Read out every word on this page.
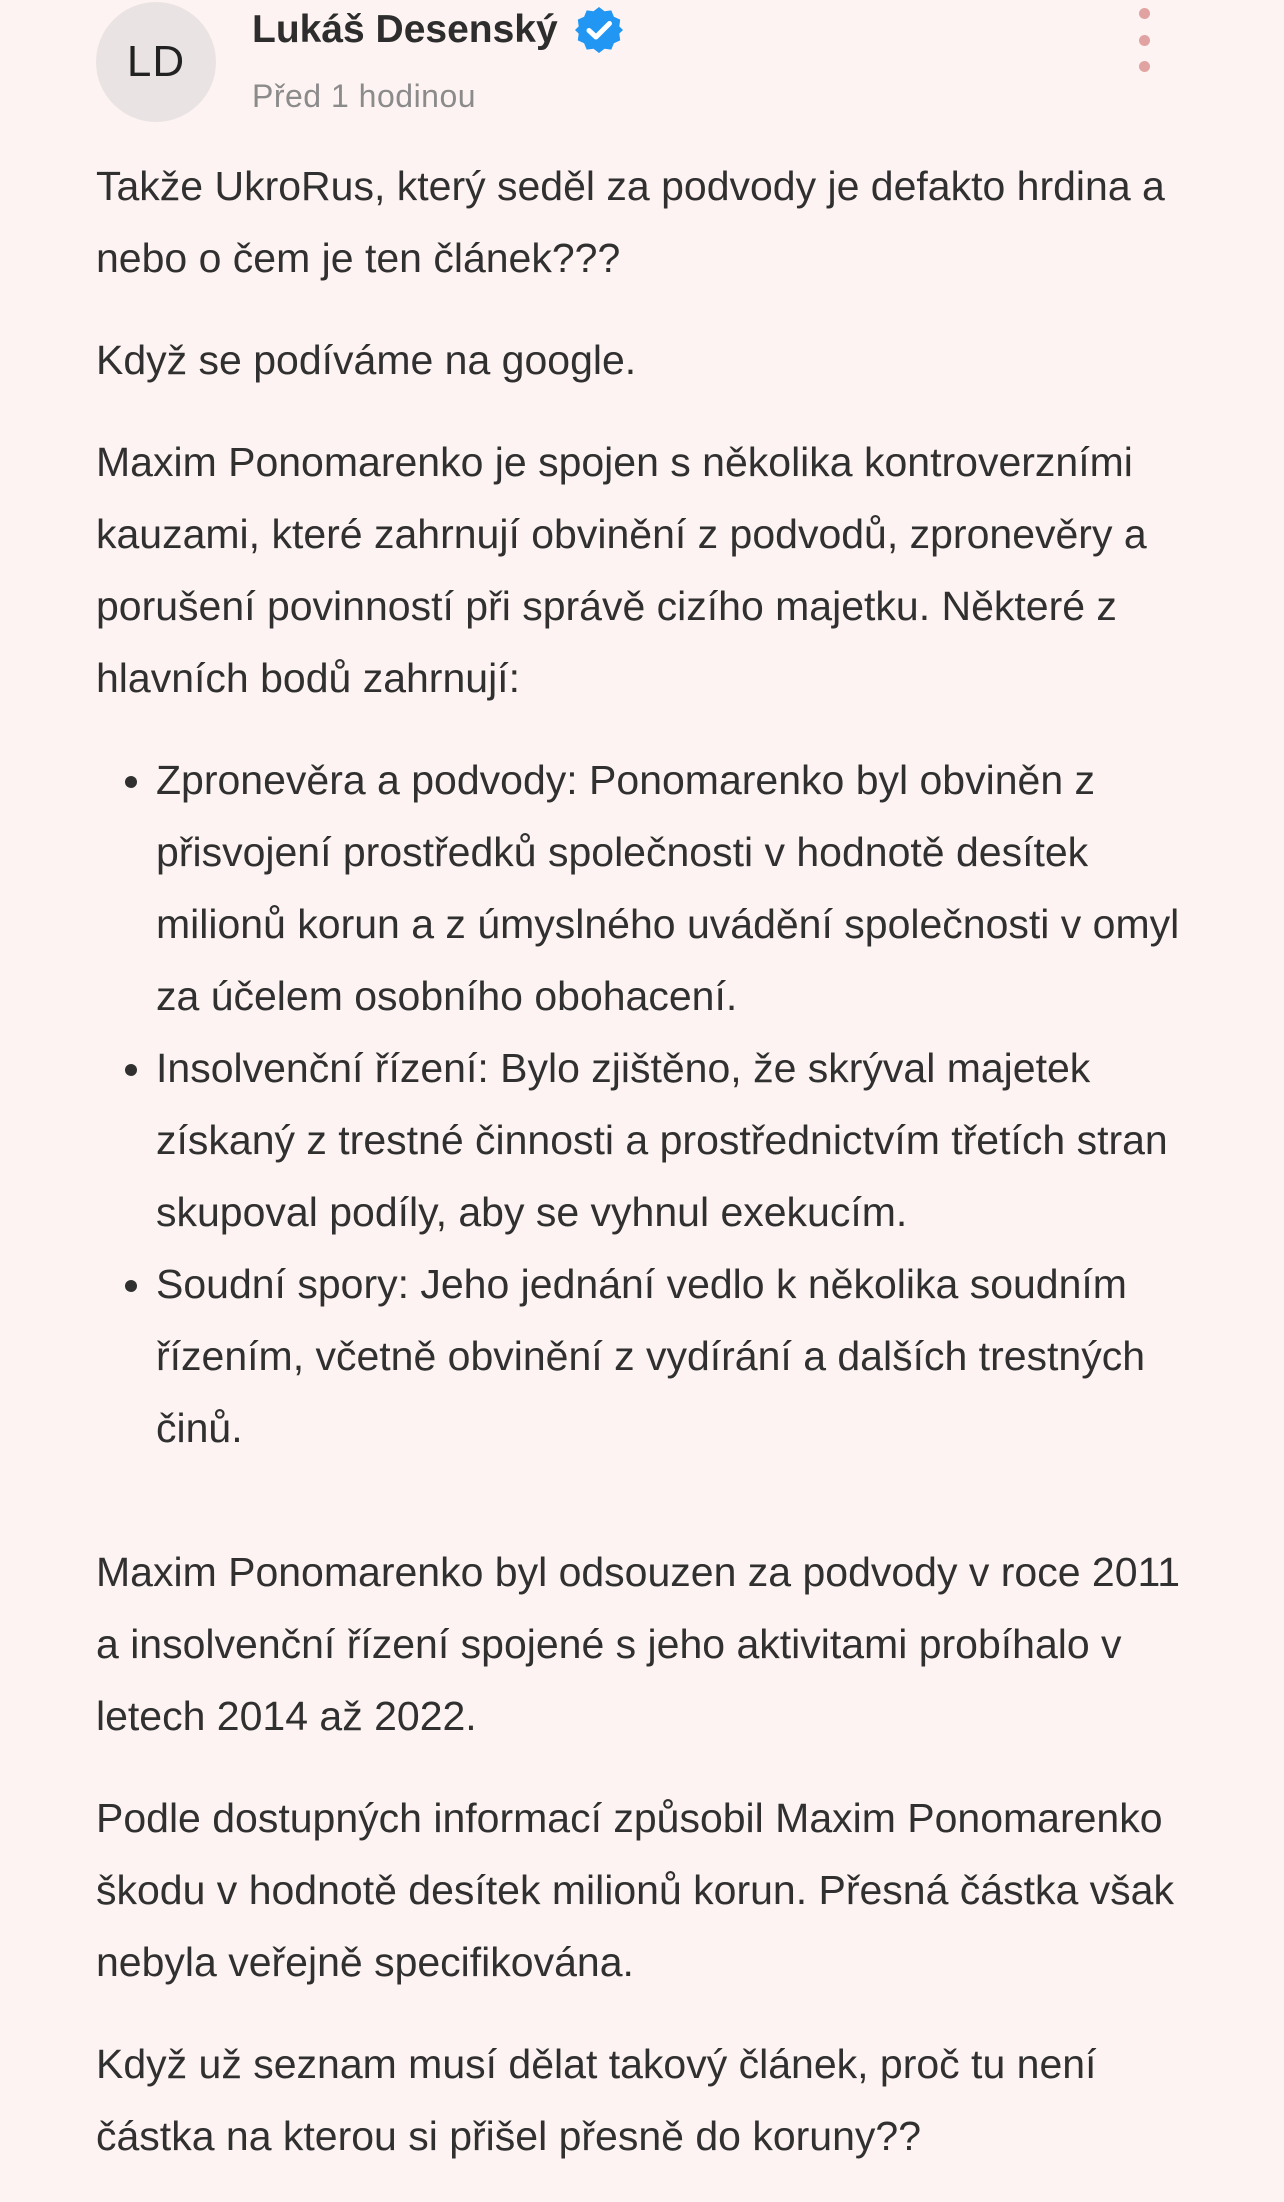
LD
Lukáš Desenský
Před 1 hodinou

Takže UkroRus, který seděl za podvody je defakto hrdina a nebo o čem je ten článek???

Když se podíváme na google.

Maxim Ponomarenko je spojen s několika kontroverzními kauzami, které zahrnují obvinění z podvodů, zpronevěry a porušení povinností při správě cizího majetku. Některé z hlavních bodů zahrnují:

• Zpronevěra a podvody: Ponomarenko byl obviněn z přisvojení prostředků společnosti v hodnotě desítek milionů korun a z úmyslného uvádění společnosti v omyl za účelem osobního obohacení.
• Insolvenční řízení: Bylo zjištěno, že skrýval majetek získaný z trestné činnosti a prostřednictvím třetích stran skupoval podíly, aby se vyhnul exekucím.
• Soudní spory: Jeho jednání vedlo k několika soudním řízením, včetně obvinění z vydírání a dalších trestných činů.

Maxim Ponomarenko byl odsouzen za podvody v roce 2011 a insolvenční řízení spojené s jeho aktivitami probíhalo v letech 2014 až 2022.

Podle dostupných informací způsobil Maxim Ponomarenko škodu v hodnotě desítek milionů korun. Přesná částka však nebyla veřejně specifikována.

Když už seznam musí dělat takový článek, proč tu není částka na kterou si přišel přesně do koruny??
